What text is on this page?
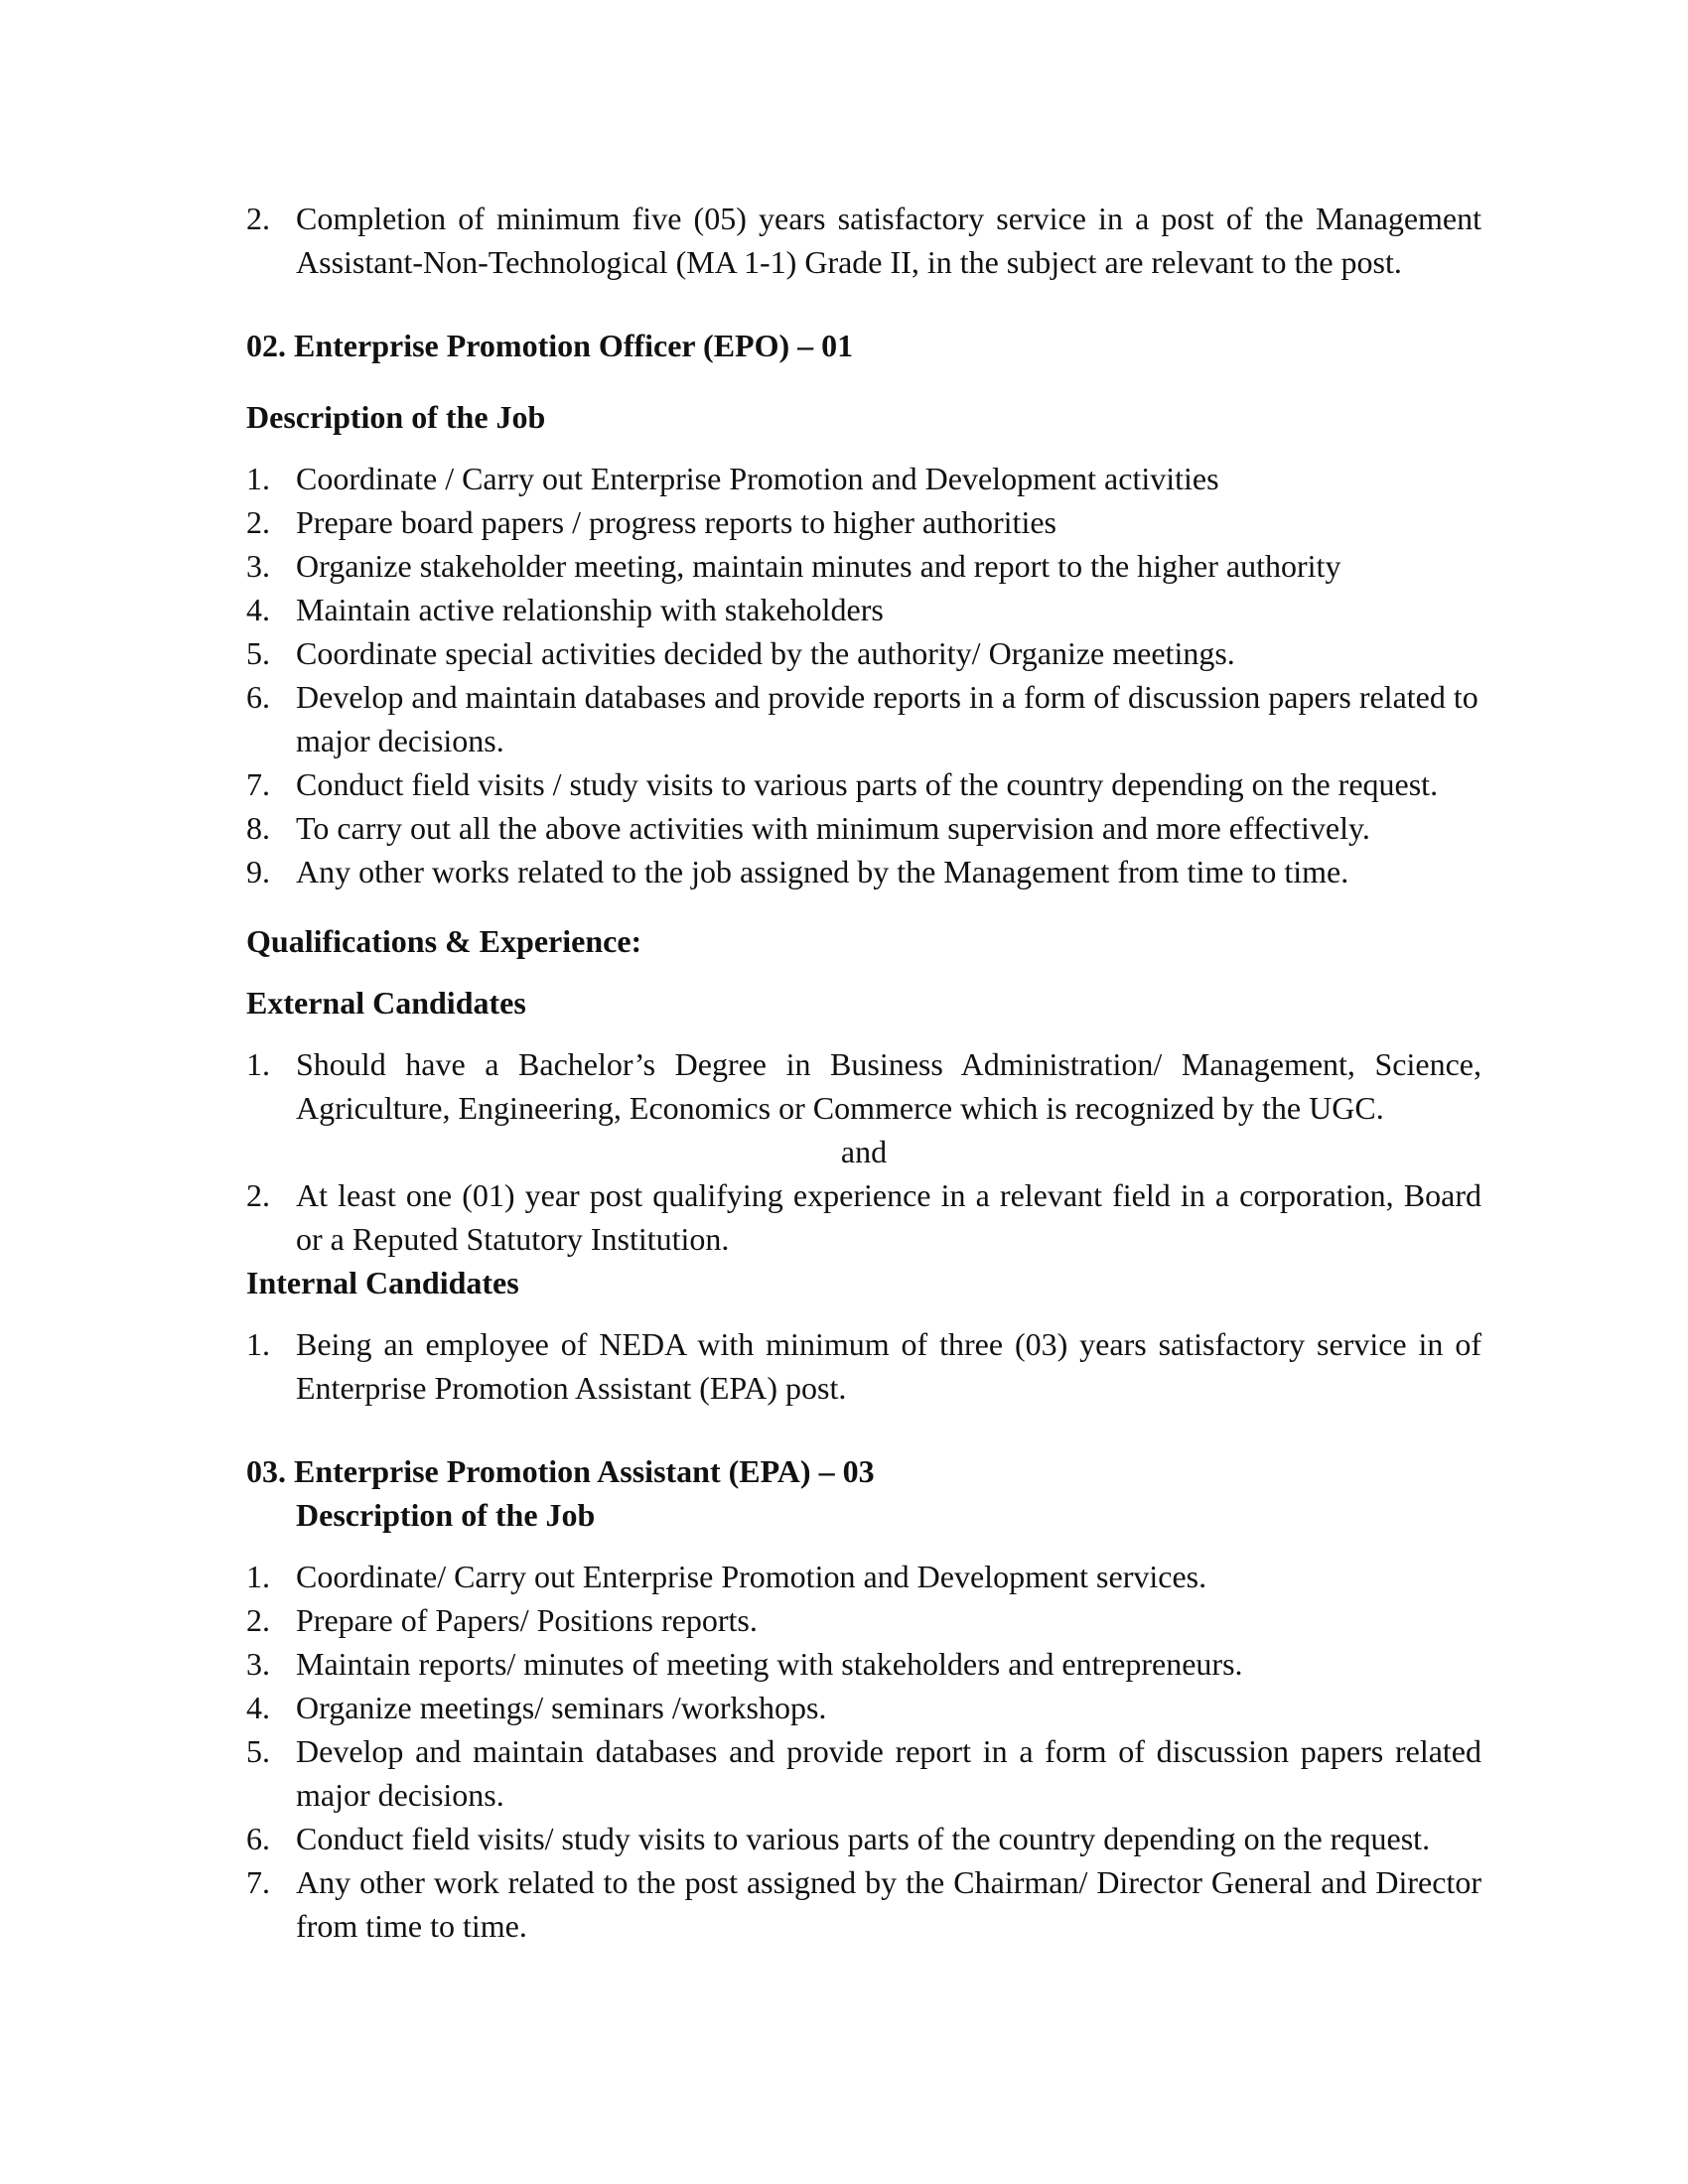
2. Completion of minimum five (05) years satisfactory service in a post of the Management Assistant-Non-Technological (MA 1-1) Grade II, in the subject are relevant to the post.

02. Enterprise Promotion Officer (EPO) – 01

Description of the Job

1. Coordinate / Carry out Enterprise Promotion and Development activities
2. Prepare board papers / progress reports to higher authorities
3. Organize stakeholder meeting, maintain minutes and report to the higher authority
4. Maintain active relationship with stakeholders
5. Coordinate special activities decided by the authority/ Organize meetings.
6. Develop and maintain databases and provide reports in a form of discussion papers related to major decisions.
7. Conduct field visits / study visits to various parts of the country depending on the request.
8. To carry out all the above activities with minimum supervision and more effectively.
9. Any other works related to the job assigned by the Management from time to time.

Qualifications & Experience:

External Candidates

1. Should have a Bachelor’s Degree in Business Administration/ Management, Science, Agriculture, Engineering, Economics or Commerce which is recognized by the UGC.
and
2. At least one (01) year post qualifying experience in a relevant field in a corporation, Board or a Reputed Statutory Institution.

Internal Candidates

1. Being an employee of NEDA with minimum of three (03) years satisfactory service in of Enterprise Promotion Assistant (EPA) post.

03. Enterprise Promotion Assistant (EPA) – 03

Description of the Job

1. Coordinate/ Carry out Enterprise Promotion and Development services.
2. Prepare of Papers/ Positions reports.
3. Maintain reports/ minutes of meeting with stakeholders and entrepreneurs.
4. Organize meetings/ seminars /workshops.
5. Develop and maintain databases and provide report in a form of discussion papers related major decisions.
6. Conduct field visits/ study visits to various parts of the country depending on the request.
7. Any other work related to the post assigned by the Chairman/ Director General and Director from time to time.
